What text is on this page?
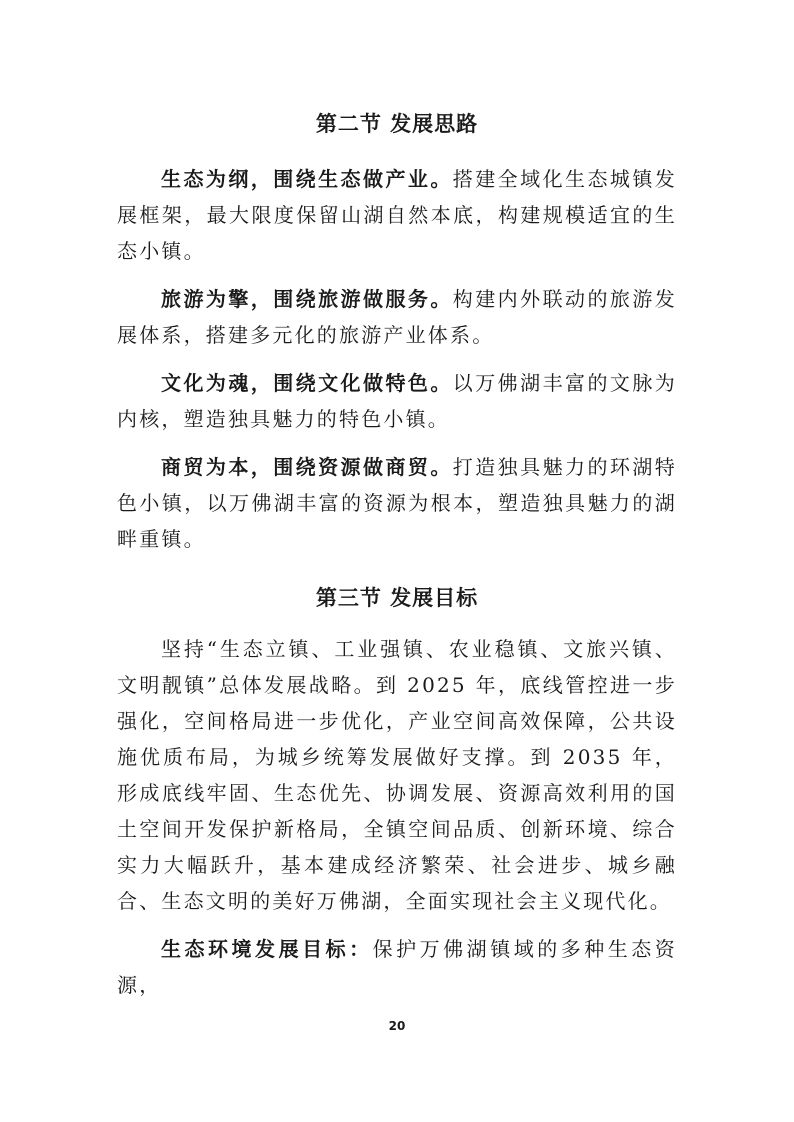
第二节 发展思路

生态为纲，围绕生态做产业。搭建全域化生态城镇发展框架，最大限度保留山湖自然本底，构建规模适宜的生态小镇。

旅游为擎，围绕旅游做服务。构建内外联动的旅游发展体系，搭建多元化的旅游产业体系。

文化为魂，围绕文化做特色。以万佛湖丰富的文脉为内核，塑造独具魅力的特色小镇。

商贸为本，围绕资源做商贸。打造独具魅力的环湖特色小镇，以万佛湖丰富的资源为根本，塑造独具魅力的湖畔重镇。

第三节 发展目标

坚持“生态立镇、工业强镇、农业稳镇、文旅兴镇、文明靓镇”总体发展战略。到 2025 年，底线管控进一步强化，空间格局进一步优化，产业空间高效保障，公共设施优质布局，为城乡统筹发展做好支撑。到 2035 年，形成底线牢固、生态优先、协调发展、资源高效利用的国土空间开发保护新格局，全镇空间品质、创新环境、综合实力大幅跃升，基本建成经济繁荣、社会进步、城乡融合、生态文明的美好万佛湖，全面实现社会主义现代化。

生态环境发展目标：保护万佛湖镇域的多种生态资源，

20
